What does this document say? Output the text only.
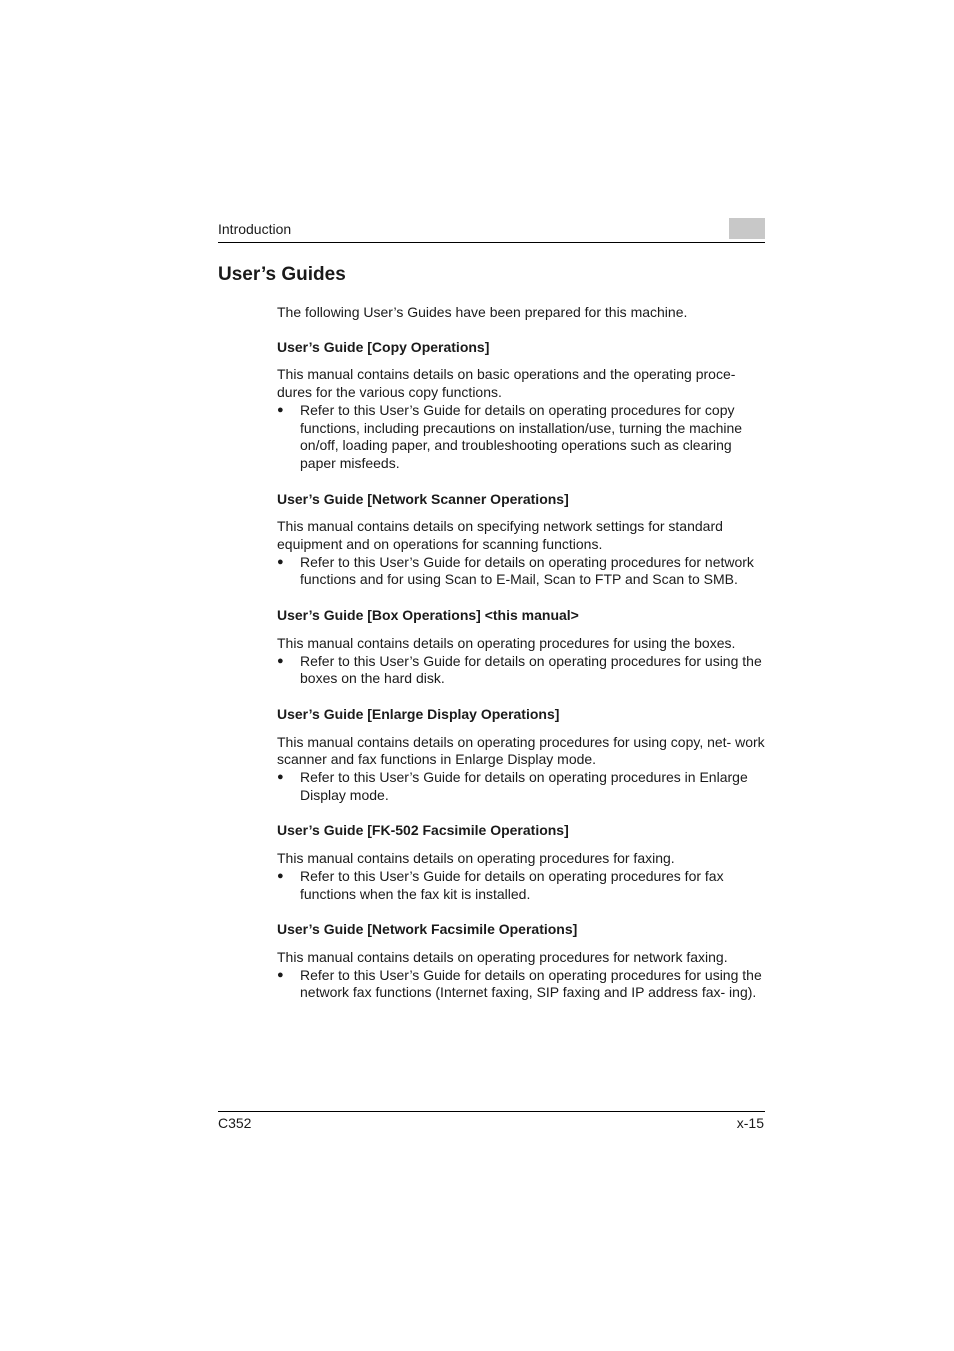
Introduction
User’s Guides

The following User’s Guides have been prepared for this machine.

User’s Guide [Copy Operations]

This manual contains details on basic operations and the operating proce- dures for the various copy functions.

●	Refer to this User’s Guide for details on operating procedures for copy functions, including precautions on installation/use, turning the machine on/off, loading paper, and troubleshooting operations such as clearing paper misfeeds.
User’s Guide [Network Scanner Operations]

This manual contains details on specifying network settings for standard equipment and on operations for scanning functions.

●	Refer to this User’s Guide for details on operating procedures for network functions and for using Scan to E-Mail, Scan to FTP and Scan to SMB.
User’s Guide [Box Operations] <this manual>

This manual contains details on operating procedures for using the boxes.

●	Refer to this User’s Guide for details on operating procedures for using the boxes on the hard disk.
User’s Guide [Enlarge Display Operations]

This manual contains details on operating procedures for using copy, net- work scanner and fax functions in Enlarge Display mode.

●	Refer to this User’s Guide for details on operating procedures in Enlarge Display mode.
User’s Guide [FK-502 Facsimile Operations]

This manual contains details on operating procedures for faxing.

●	Refer to this User’s Guide for details on operating procedures for fax functions when the fax kit is installed.
User’s Guide [Network Facsimile Operations]

This manual contains details on operating procedures for network faxing.

●	Refer to this User’s Guide for details on operating procedures for using the network fax functions (Internet faxing, SIP faxing and IP address fax- ing).
C352	x-15
